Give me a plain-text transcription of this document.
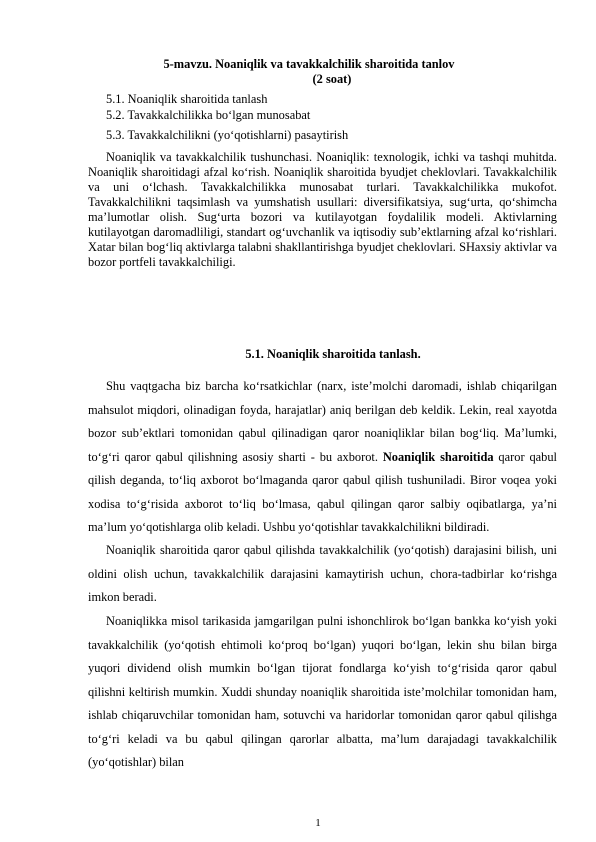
5-mavzu. Noaniqlik va tavakkalchilik sharoitida tanlov
(2 soat)
5.1. Noaniqlik sharoitida tanlash
5.2. Tavakkalchilikka bo‘lgan munosabat
5.3. Tavakkalchilikni (yo‘qotishlarni) pasaytirish

Noaniqlik va tavakkalchilik tushunchasi. Noaniqlik: texnologik, ichki va tashqi muhitda. Noaniqlik sharoitidagi afzal ko‘rish. Noaniqlik sharoitida byudjet cheklovlari. Tavakkalchilik va uni o‘lchash. Tavakkalchilikka munosabat turlari. Tavakkalchilikka mukofot. Tavakkalchilikni taqsimlash va yumshatish usullari: diversifikatsiya, sug‘urta, qo‘shimcha ma’lumotlar olish. Sug‘urta bozori va kutilayotgan foydalilik modeli. Aktivlarning kutilayotgan daromadliligi, standart og‘uvchanlik va iqtisodiy sub’ektlarning afzal ko‘rishlari. Xatar bilan bog‘liq aktivlarga talabni shakllantirishga byudjet cheklovlari. SHaxsiy aktivlar va bozor portfeli tavakkalchiligi.

5.1. Noaniqlik sharoitida tanlash.

Shu vaqtgacha biz barcha ko‘rsatkichlar (narx, iste’molchi daromadi, ishlab chiqarilgan mahsulot miqdori, olinadigan foyda, harajatlar) aniq berilgan deb keldik. Lekin, real xayotda bozor sub’ektlari tomonidan qabul qilinadigan qaror noaniqliklar bilan bog‘liq. Ma’lumki, to‘g‘ri qaror qabul qilishning asosiy sharti - bu axborot. Noaniqlik sharoitida qaror qabul qilish deganda, to‘liq axborot bo‘lmaganda qaror qabul qilish tushuniladi. Biror voqea yoki xodisa to‘g‘risida axborot to‘liq bo‘lmasa, qabul qilingan qaror salbiy oqibatlarga, ya’ni ma’lum yo‘qotishlarga olib keladi. Ushbu yo‘qotishlar tavakkalchilikni bildiradi.

Noaniqlik sharoitida qaror qabul qilishda tavakkalchilik (yo‘qotish) darajasini bilish, uni oldini olish uchun, tavakkalchilik darajasini kamaytirish uchun, chora-tadbirlar ko‘rishga imkon beradi.

Noaniqlikka misol tarikasida jamgarilgan pulni ishonchlirok bo‘lgan bankka ko‘yish yoki tavakkalchilik (yo‘qotish ehtimoli ko‘proq bo‘lgan) yuqori bo‘lgan, lekin shu bilan birga yuqori dividend olish mumkin bo‘lgan tijorat fondlarga ko‘yish to‘g‘risida qaror qabul qilishni keltirish mumkin. Xuddi shunday noaniqlik sharoitida iste’molchilar tomonidan ham, ishlab chiqaruvchilar tomonidan ham, sotuvchi va haridorlar tomonidan qaror qabul qilishga to‘g‘ri keladi va bu qabul qilingan qarorlar albatta, ma’lum darajadagi tavakkalchilik (yo‘qotishlar) bilan

1
